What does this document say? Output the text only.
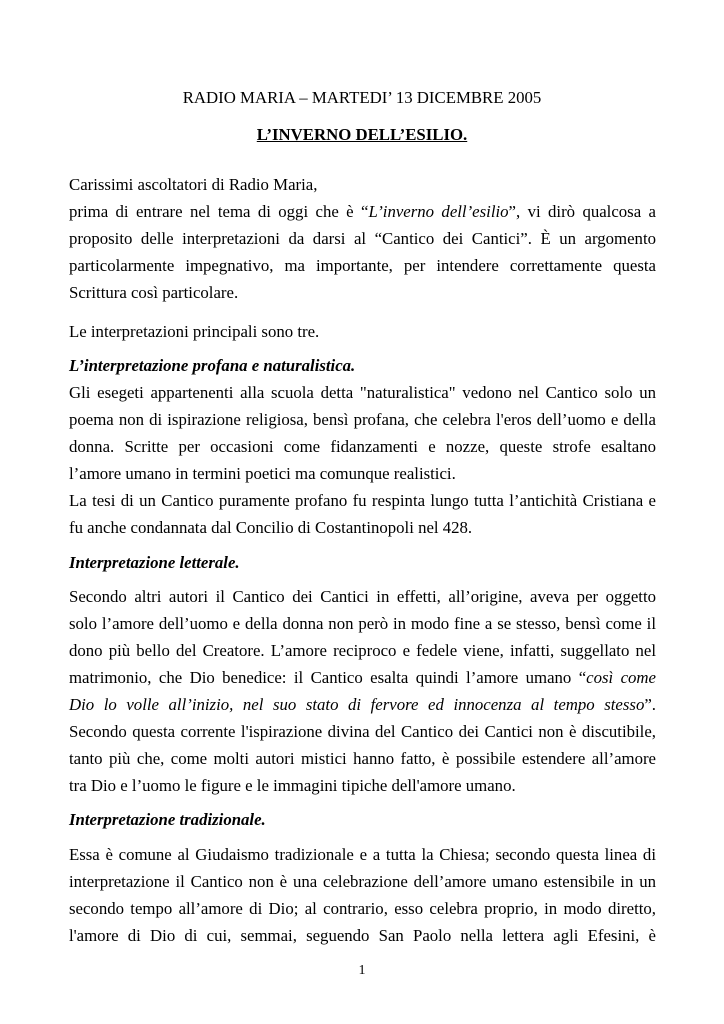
RADIO MARIA – MARTEDI’ 13 DICEMBRE 2005
L’INVERNO DELL’ESILIO.
Carissimi ascoltatori di Radio Maria,
prima di entrare nel tema di oggi che è “L’inverno dell’esilio”, vi dirò qualcosa a
proposito delle interpretazioni da darsi al “Cantico dei Cantici”. È un argomento
particolarmente impegnativo, ma importante, per intendere correttamente questa
Scrittura così particolare.
Le interpretazioni principali sono tre.
L’interpretazione profana e naturalistica.
Gli esegeti appartenenti alla scuola detta "naturalistica" vedono nel Cantico solo un
poema non di ispirazione religiosa, bensì profana, che celebra l'eros dell’uomo e della
donna. Scritte per occasioni come fidanzamenti e nozze, queste strofe esaltano
l’amore umano in termini poetici ma comunque realistici.
La tesi di un Cantico puramente profano fu respinta lungo tutta l’antichità Cristiana e
fu anche condannata dal Concilio di Costantinopoli nel 428.
Interpretazione letterale.
Secondo altri autori il Cantico dei Cantici in effetti, all’origine, aveva per oggetto
solo l’amore dell’uomo e della donna non però in modo fine a se stesso, bensì come il
dono più bello del Creatore. L’amore reciproco e fedele viene, infatti, suggellato nel
matrimonio, che Dio benedice: il Cantico esalta quindi l’amore umano “così come
Dio lo volle all’inizio, nel suo stato di fervore ed innocenza al tempo stesso”.
Secondo questa corrente l'ispirazione divina del Cantico dei Cantici non è discutibile,
tanto più che, come molti autori mistici hanno fatto, è possibile estendere all’amore
tra Dio e l’uomo le figure e le immagini tipiche dell'amore umano.
Interpretazione tradizionale.
Essa è comune al Giudaismo tradizionale e a tutta la Chiesa; secondo questa linea di
interpretazione il Cantico non è una celebrazione dell’amore umano estensibile in un
secondo tempo all’amore di Dio; al contrario, esso celebra proprio, in modo diretto,
l'amore di Dio di cui, semmai, seguendo San Paolo nella lettera agli Efesini, è
1
